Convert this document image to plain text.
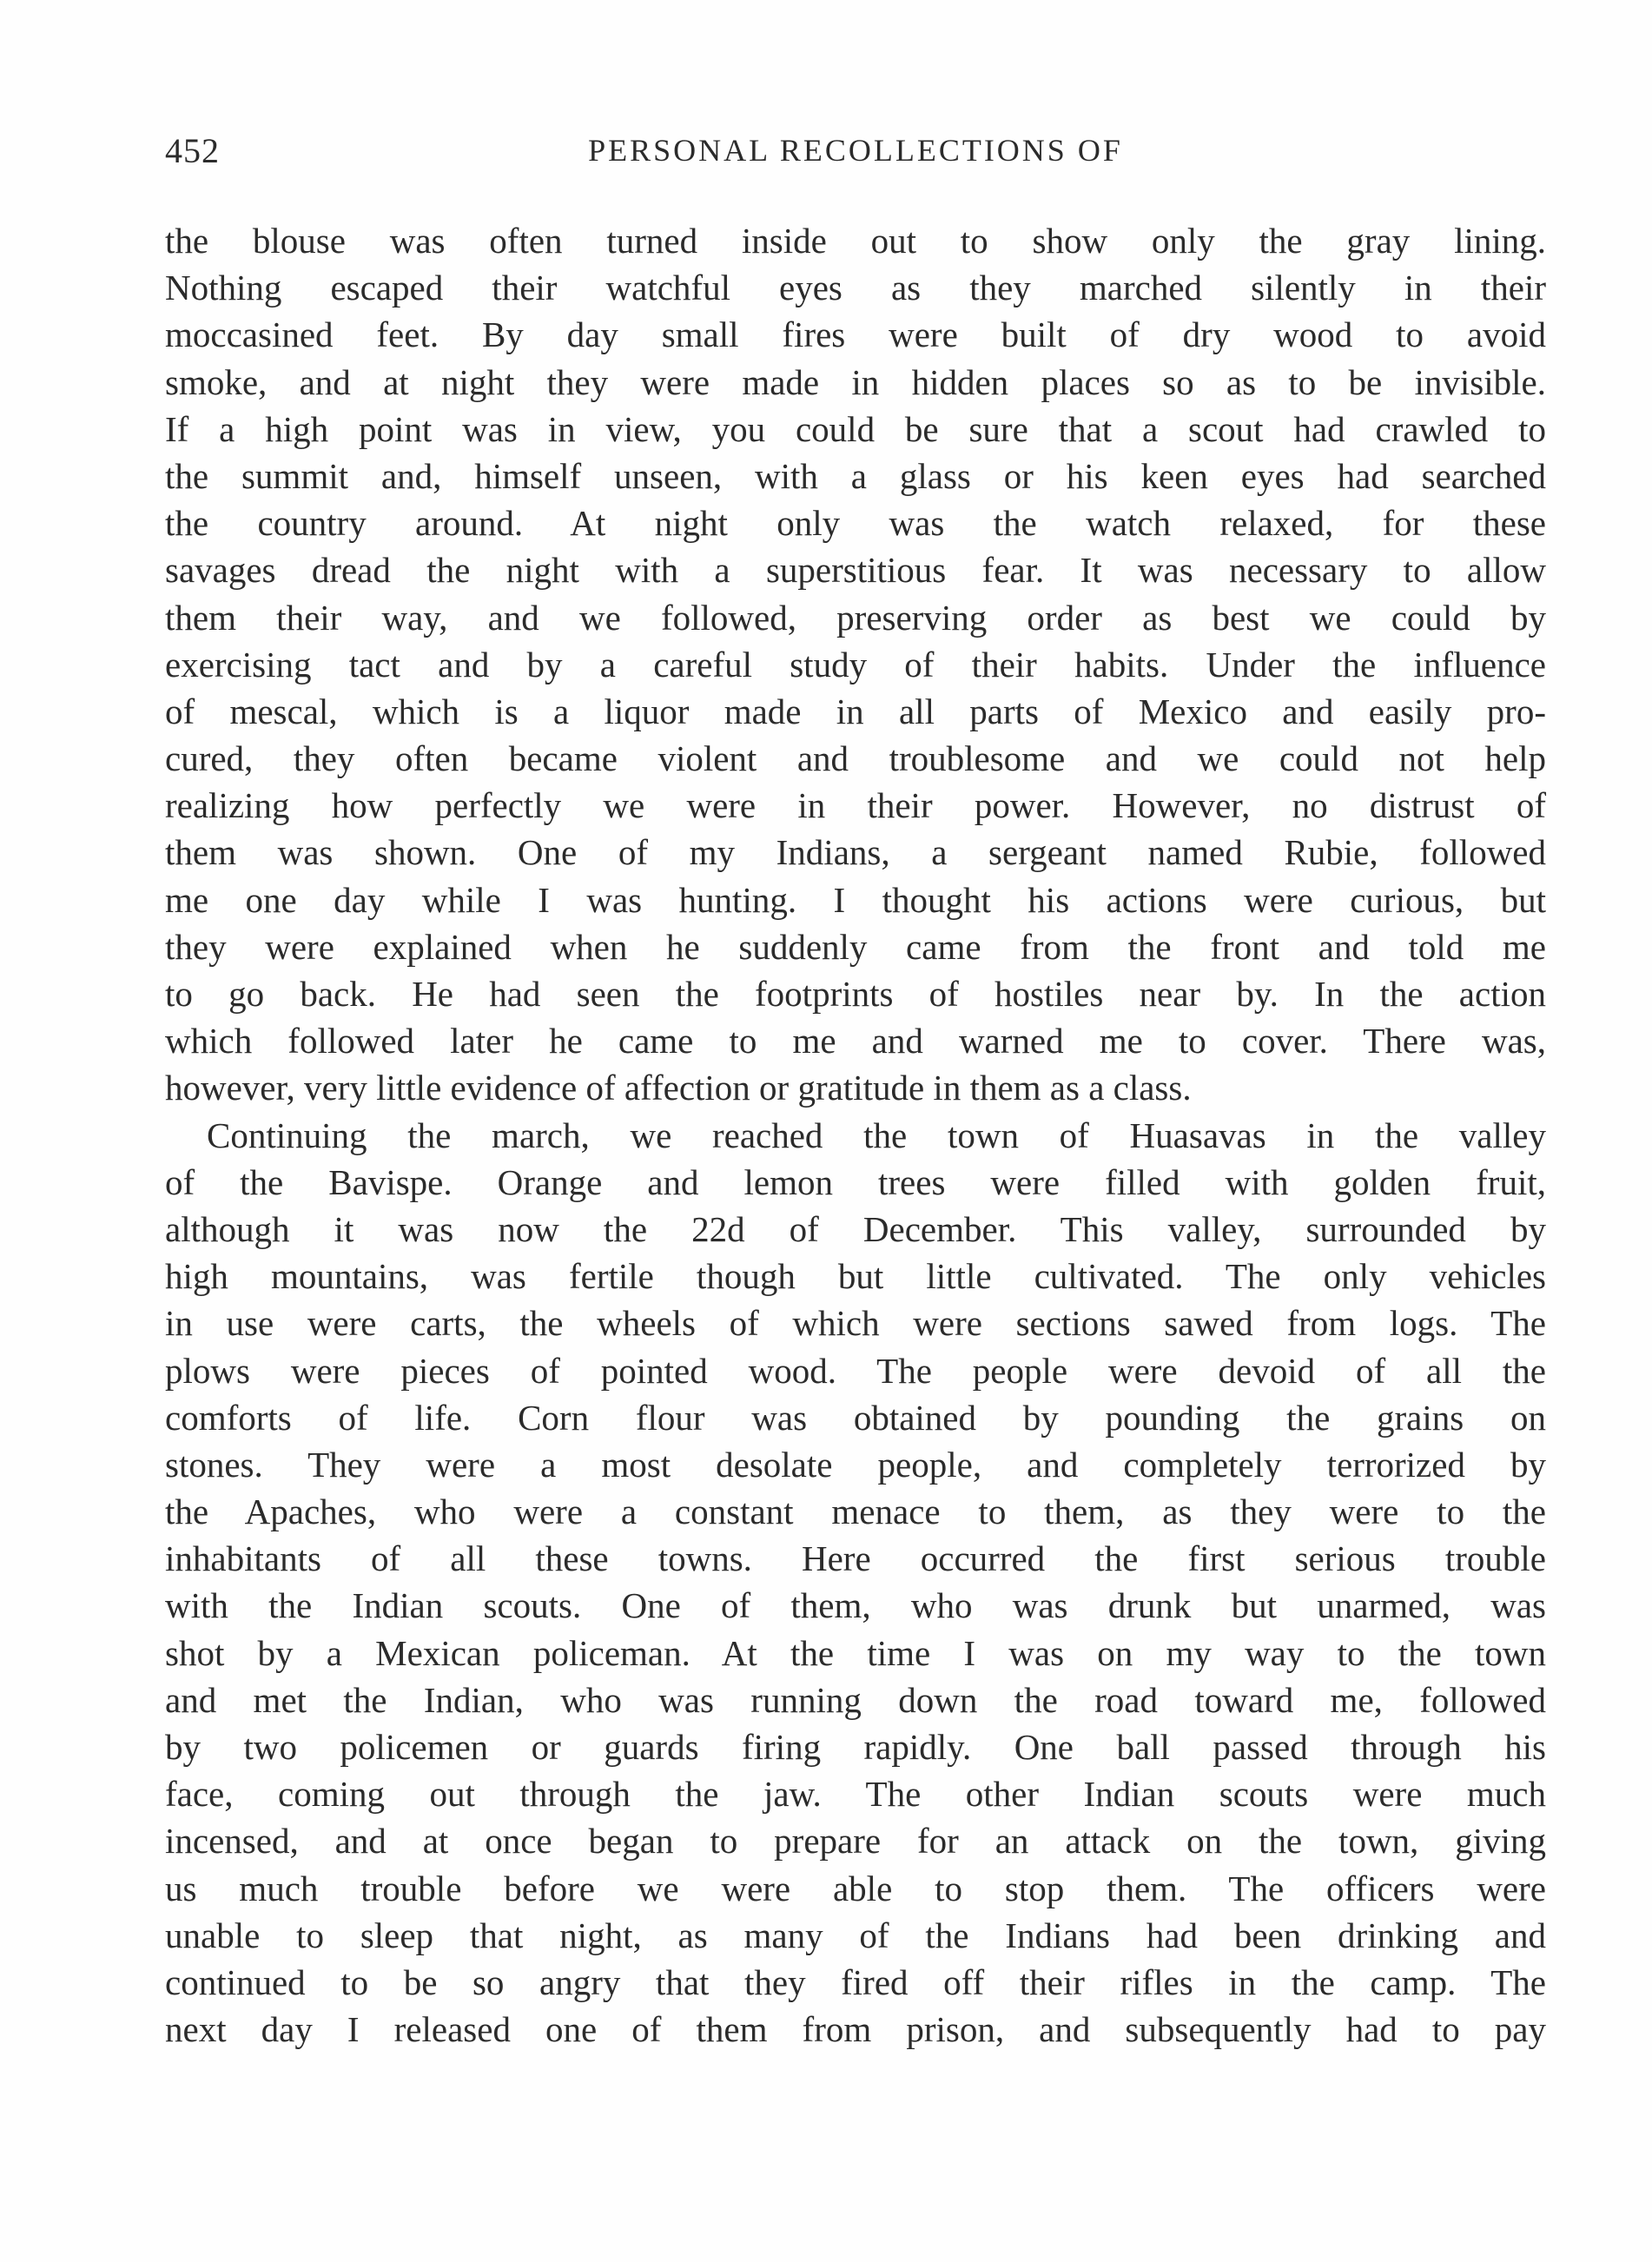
452	PERSONAL RECOLLECTIONS OF
the blouse was often turned inside out to show only the gray lining.
Nothing escaped their watchful eyes as they marched silently in their
moccasined feet. By day small fires were built of dry wood to avoid
smoke, and at night they were made in hidden places so as to be invisible.
If a high point was in view, you could be sure that a scout had crawled to
the summit and, himself unseen, with a glass or his keen eyes had searched
the country around. At night only was the watch relaxed, for these
savages dread the night with a superstitious fear. It was necessary to allow
them their way, and we followed, preserving order as best we could by
exercising tact and by a careful study of their habits. Under the influence
of mescal, which is a liquor made in all parts of Mexico and easily pro-
cured, they often became violent and troublesome and we could not help
realizing how perfectly we were in their power. However, no distrust of
them was shown. One of my Indians, a sergeant named Rubie, followed
me one day while I was hunting. I thought his actions were curious, but
they were explained when he suddenly came from the front and told me
to go back. He had seen the footprints of hostiles near by. In the action
which followed later he came to me and warned me to cover. There was,
however, very little evidence of affection or gratitude in them as a class.
Continuing the march, we reached the town of Huasavas in the valley
of the Bavispe. Orange and lemon trees were filled with golden fruit,
although it was now the 22d of December. This valley, surrounded by
high mountains, was fertile though but little cultivated. The only vehicles
in use were carts, the wheels of which were sections sawed from logs. The
plows were pieces of pointed wood. The people were devoid of all the
comforts of life. Corn flour was obtained by pounding the grains on
stones. They were a most desolate people, and completely terrorized by
the Apaches, who were a constant menace to them, as they were to the
inhabitants of all these towns. Here occurred the first serious trouble
with the Indian scouts. One of them, who was drunk but unarmed, was
shot by a Mexican policeman. At the time I was on my way to the town
and met the Indian, who was running down the road toward me, followed
by two policemen or guards firing rapidly. One ball passed through his
face, coming out through the jaw. The other Indian scouts were much
incensed, and at once began to prepare for an attack on the town, giving
us much trouble before we were able to stop them. The officers were
unable to sleep that night, as many of the Indians had been drinking and
continued to be so angry that they fired off their rifles in the camp. The
next day I released one of them from prison, and subsequently had to pay
